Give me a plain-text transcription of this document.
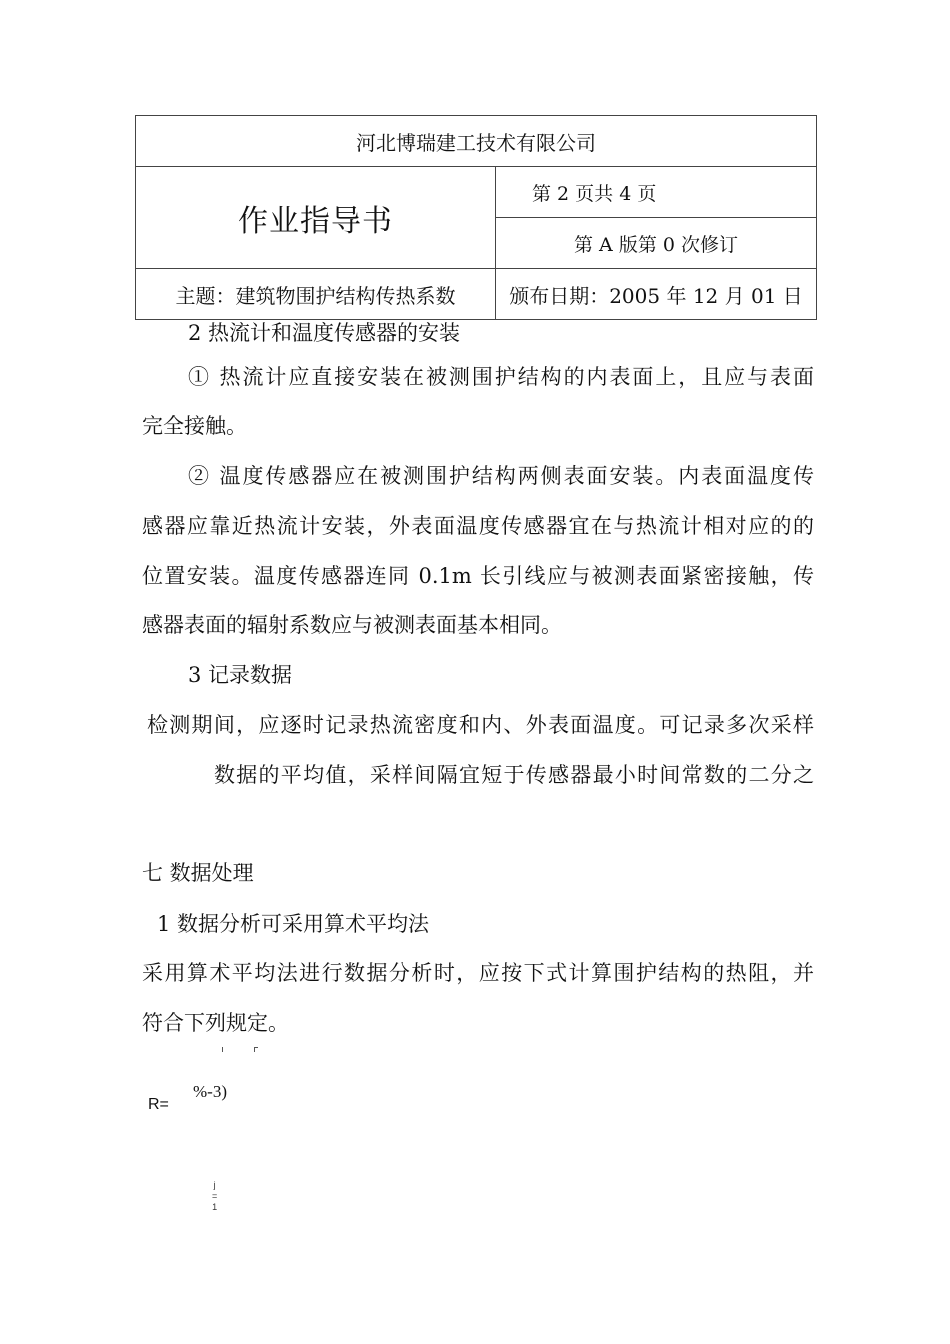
河北博瑞建工技术有限公司	
作业指导书	第 2 页共 4 页
	第 A 版第 0 次修订
主题：建筑物围护结构传热系数	颁布日期：2005 年 12 月 01 日

2 热流计和温度传感器的安装

① 热流计应直接安装在被测围护结构的内表面上，且应与表面

完全接触。

② 温度传感器应在被测围护结构两侧表面安装。内表面温度传

感器应靠近热流计安装，外表面温度传感器宜在与热流计相对应的的

位置安装。温度传感器连同 0.1m 长引线应与被测表面紧密接触，传

感器表面的辐射系数应与被测表面基本相同。

3 记录数据

检测期间，应逐时记录热流密度和内、外表面温度。可记录多次采样

数据的平均值，采样间隔宜短于传感器最小时间常数的二分之

七 数据处理

1 数据分析可采用算术平均法

采用算术平均法进行数据分析时，应按下式计算围护结构的热阻，并

符合下列规定。

R=
%-3)
j
=
1
